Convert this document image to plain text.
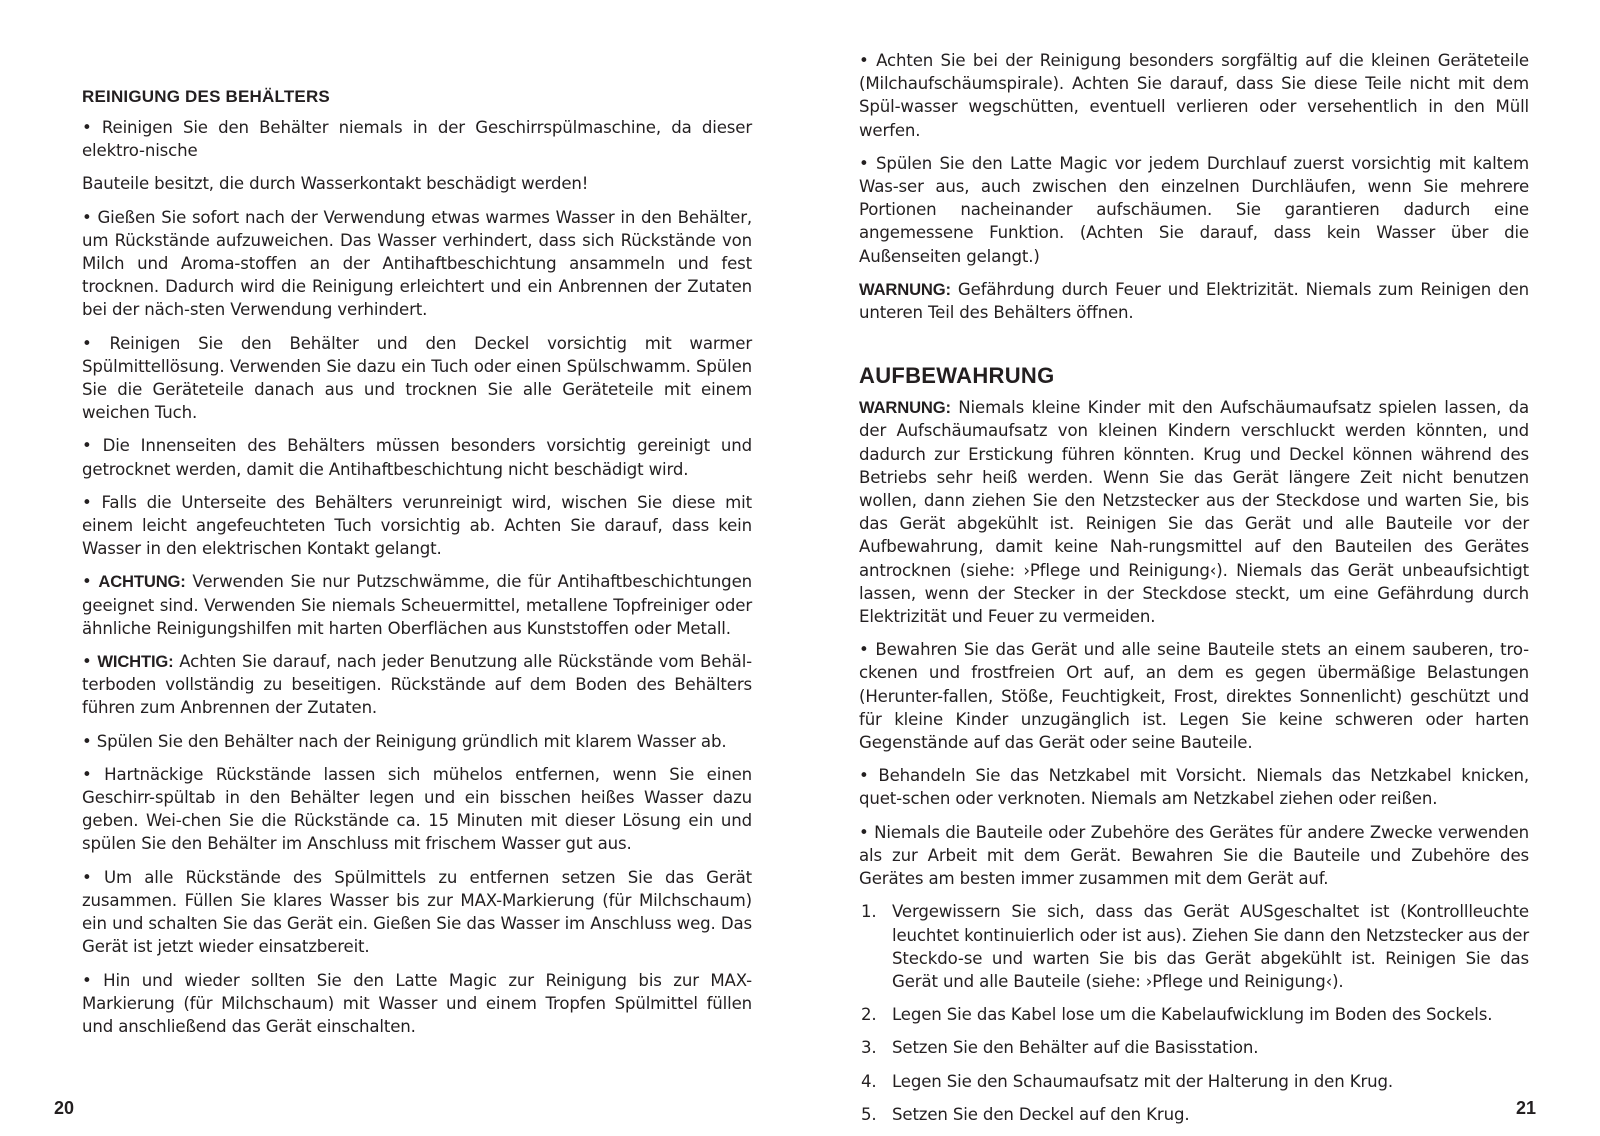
REINIGUNG DES BEHÄLTERS

• Reinigen Sie den Behälter niemals in der Geschirrspülmaschine, da dieser elektro-nische

Bauteile besitzt, die durch Wasserkontakt beschädigt werden!

• Gießen Sie sofort nach der Verwendung etwas warmes Wasser in den Behälter, um Rückstände aufzuweichen. Das Wasser verhindert, dass sich Rückstände von Milch und Aroma-stoffen an der Antihaftbeschichtung ansammeln und fest trocknen. Dadurch wird die Reinigung erleichtert und ein Anbrennen der Zutaten bei der näch-sten Verwendung verhindert.

• Reinigen Sie den Behälter und den Deckel vorsichtig mit warmer Spülmittellösung. Verwenden Sie dazu ein Tuch oder einen Spülschwamm. Spülen Sie die Geräteteile danach aus und trocknen Sie alle Geräteteile mit einem weichen Tuch.

• Die Innenseiten des Behälters müssen besonders vorsichtig gereinigt und getrocknet werden, damit die Antihaftbeschichtung nicht beschädigt wird.

• Falls die Unterseite des Behälters verunreinigt wird, wischen Sie diese mit einem leicht angefeuchteten Tuch vorsichtig ab. Achten Sie darauf, dass kein Wasser in den elektrischen Kontakt gelangt.

• ACHTUNG: Verwenden Sie nur Putzschwämme, die für Antihaftbeschichtungen geeignet sind. Verwenden Sie niemals Scheuermittel, metallene Topfreiniger oder ähnliche Reinigungshilfen mit harten Oberflächen aus Kunststoffen oder Metall.

• WICHTIG: Achten Sie darauf, nach jeder Benutzung alle Rückstände vom Behäl-terboden vollständig zu beseitigen. Rückstände auf dem Boden des Behälters führen zum Anbrennen der Zutaten.

• Spülen Sie den Behälter nach der Reinigung gründlich mit klarem Wasser ab.

• Hartnäckige Rückstände lassen sich mühelos entfernen, wenn Sie einen Geschirr-spültab in den Behälter legen und ein bisschen heißes Wasser dazu geben. Wei-chen Sie die Rückstände ca. 15 Minuten mit dieser Lösung ein und spülen Sie den Behälter im Anschluss mit frischem Wasser gut aus.

• Um alle Rückstände des Spülmittels zu entfernen setzen Sie das Gerät zusammen. Füllen Sie klares Wasser bis zur MAX-Markierung (für Milchschaum) ein und schalten Sie das Gerät ein. Gießen Sie das Wasser im Anschluss weg. Das Gerät ist jetzt wieder einsatzbereit.

• Hin und wieder sollten Sie den Latte Magic zur Reinigung bis zur MAX-Markierung (für Milchschaum) mit Wasser und einem Tropfen Spülmittel füllen und anschließend das Gerät einschalten.

20

• Achten Sie bei der Reinigung besonders sorgfältig auf die kleinen Geräteteile (Milchaufschäumspirale). Achten Sie darauf, dass Sie diese Teile nicht mit dem Spül-wasser wegschütten, eventuell verlieren oder versehentlich in den Müll werfen.

• Spülen Sie den Latte Magic vor jedem Durchlauf zuerst vorsichtig mit kaltem Was-ser aus, auch zwischen den einzelnen Durchläufen, wenn Sie mehrere Portionen nacheinander aufschäumen. Sie garantieren dadurch eine angemessene Funktion. (Achten Sie darauf, dass kein Wasser über die Außenseiten gelangt.)

WARNUNG: Gefährdung durch Feuer und Elektrizität. Niemals zum Reinigen den unteren Teil des Behälters öffnen.

AUFBEWAHRUNG

WARNUNG: Niemals kleine Kinder mit den Aufschäumaufsatz spielen lassen, da der Aufschäumaufsatz von kleinen Kindern verschluckt werden könnten, und dadurch zur Erstickung führen könnten. Krug und Deckel können während des Betriebs sehr heiß werden. Wenn Sie das Gerät längere Zeit nicht benutzen wollen, dann ziehen Sie den Netzstecker aus der Steckdose und warten Sie, bis das Gerät abgekühlt ist. Reinigen Sie das Gerät und alle Bauteile vor der Aufbewahrung, damit keine Nah-rungsmittel auf den Bauteilen des Gerätes antrocknen (siehe: ›Pflege und Reinigung‹). Niemals das Gerät unbeaufsichtigt lassen, wenn der Stecker in der Steckdose steckt, um eine Gefährdung durch Elektrizität und Feuer zu vermeiden.

• Bewahren Sie das Gerät und alle seine Bauteile stets an einem sauberen, tro-ckenen und frostfreien Ort auf, an dem es gegen übermäßige Belastungen (Herunter-fallen, Stöße, Feuchtigkeit, Frost, direktes Sonnenlicht) geschützt und für kleine Kinder unzugänglich ist. Legen Sie keine schweren oder harten Gegenstände auf das Gerät oder seine Bauteile.

• Behandeln Sie das Netzkabel mit Vorsicht. Niemals das Netzkabel knicken, quet-schen oder verknoten. Niemals am Netzkabel ziehen oder reißen.

• Niemals die Bauteile oder Zubehöre des Gerätes für andere Zwecke verwenden als zur Arbeit mit dem Gerät. Bewahren Sie die Bauteile und Zubehöre des Gerätes am besten immer zusammen mit dem Gerät auf.

1. Vergewissern Sie sich, dass das Gerät AUSgeschaltet ist (Kontrollleuchte leuchtet kontinuierlich oder ist aus). Ziehen Sie dann den Netzstecker aus der Steckdo-se und warten Sie bis das Gerät abgekühlt ist. Reinigen Sie das Gerät und alle Bauteile (siehe: ›Pflege und Reinigung‹).
2. Legen Sie das Kabel lose um die Kabelaufwicklung im Boden des Sockels.
3. Setzen Sie den Behälter auf die Basisstation.
4. Legen Sie den Schaumaufsatz mit der Halterung in den Krug.
5. Setzen Sie den Deckel auf den Krug.	21
